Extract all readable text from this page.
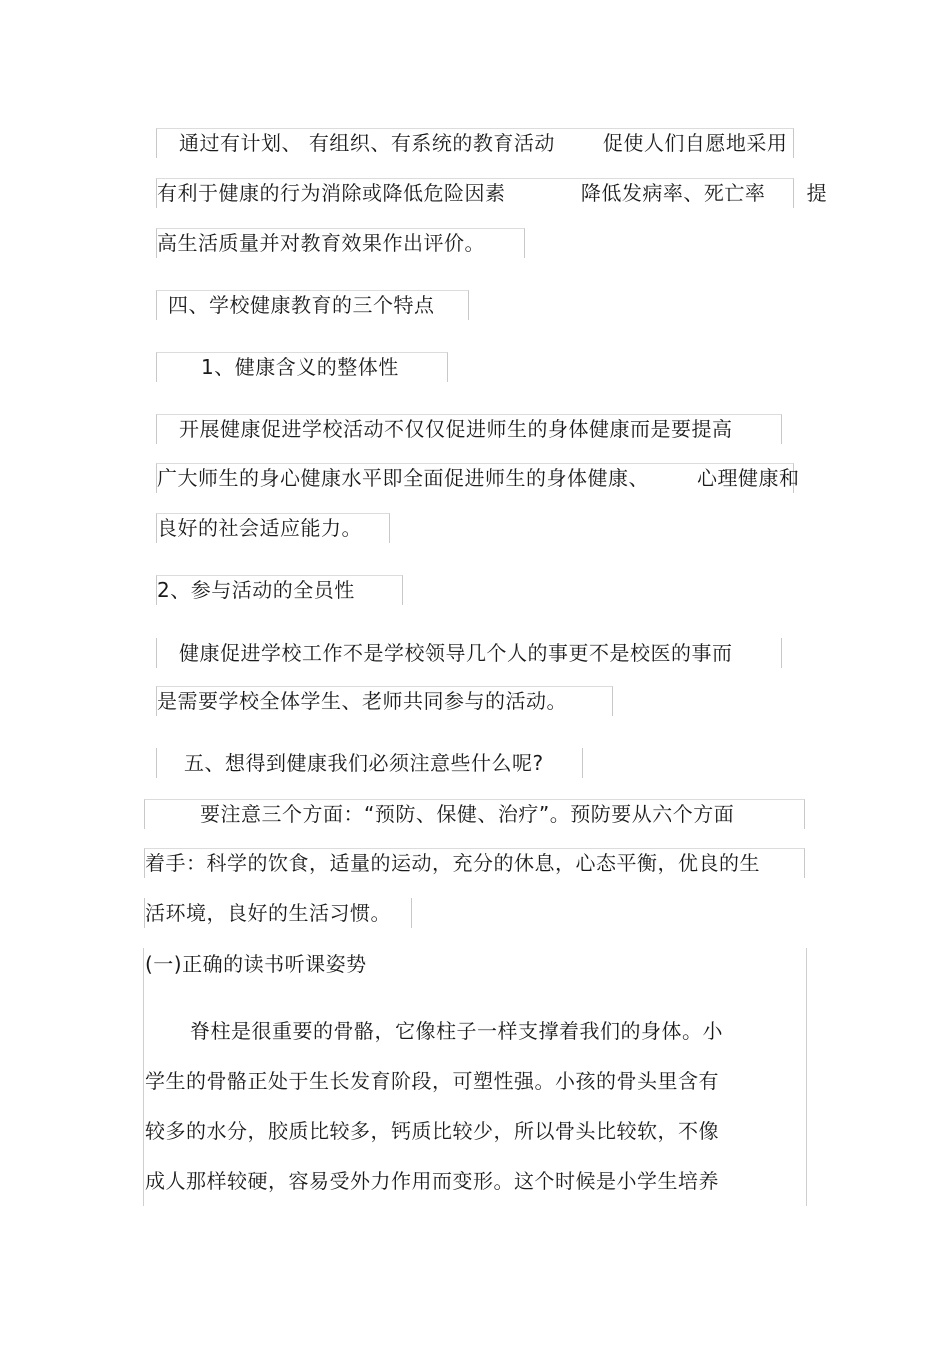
通过有计划、 有组织、有系统的教育活动       促使人们自愿地采用
有利于健康的行为消除或降低危险因素           降低发病率、死亡率      提
高生活质量并对教育效果作出评价。
四、学校健康教育的三个特点
1、健康含义的整体性
开展健康促进学校活动不仅仅促进师生的身体健康而是要提高
广大师生的身心健康水平即全面促进师生的身体健康、       心理健康和
良好的社会适应能力。
2、参与活动的全员性
健康促进学校工作不是学校领导几个人的事更不是校医的事而
是需要学校全体学生、老师共同参与的活动。
五、想得到健康我们必须注意些什么呢?
要注意三个方面：“预防、保健、治疗”。预防要从六个方面
着手：科学的饮食，适量的运动，充分的休息，心态平衡，优良的生
活环境，良好的生活习惯。
(一)正确的读书听课姿势
脊柱是很重要的骨骼，它像柱子一样支撑着我们的身体。小
学生的骨骼正处于生长发育阶段，可塑性强。小孩的骨头里含有
较多的水分，胶质比较多，钙质比较少，所以骨头比较软，不像
成人那样较硬，容易受外力作用而变形。这个时候是小学生培养
